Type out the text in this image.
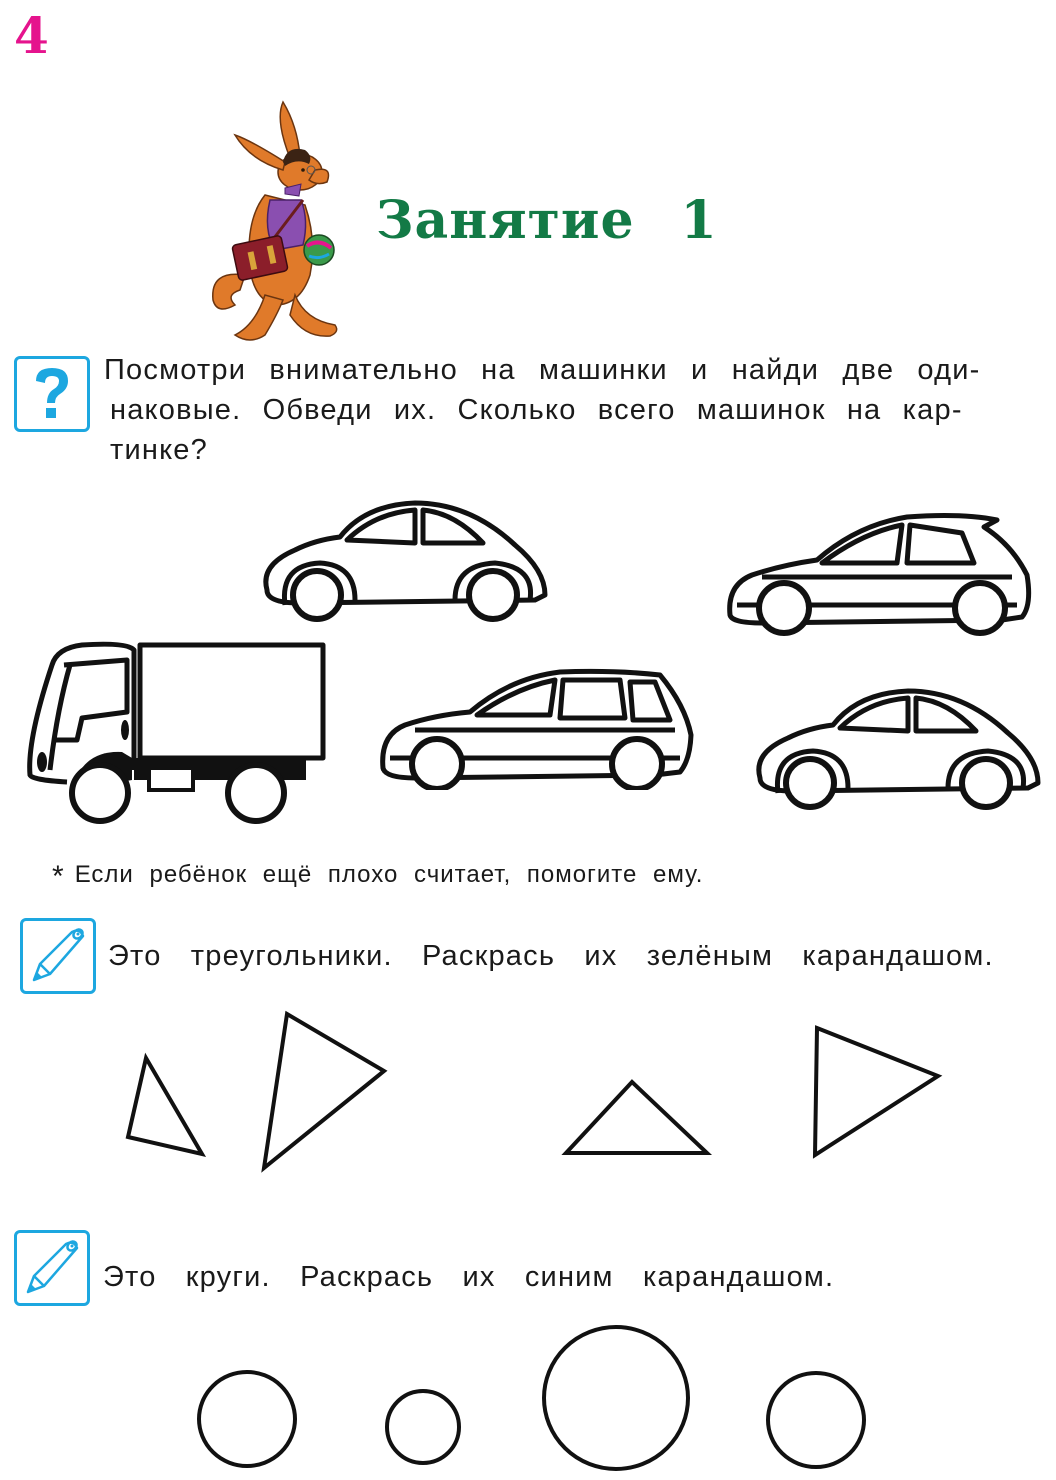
4
Занятие 1
Посмотри внимательно на машинки и найди две оди-
наковые. Обведи их. Сколько всего машинок на кар-
тинке?
* Если ребёнок ещё плохо считает, помогите ему.
Это треугольники. Раскрась их зелёным карандашом.
Это круги. Раскрась их синим карандашом.
